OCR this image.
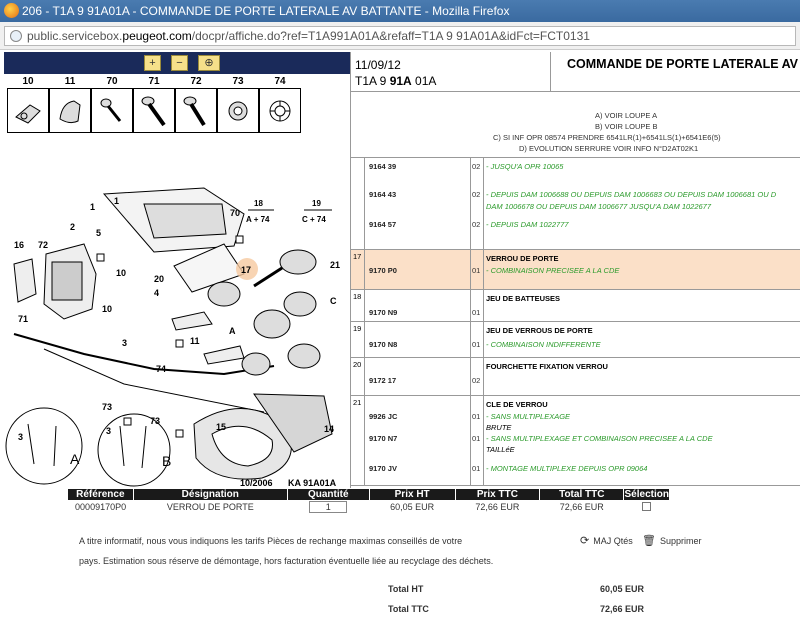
206 - T1A 9 91A01A - COMMANDE DE PORTE LATERALE AV BATTANTE - Mozilla Firefox
public.servicebox.peugeot.com/docpr/affiche.do?ref=T1A991A01A&refaff=T1A 9 91A01A&idFct=FCT0131
+	−	⊕
10	11	70	71	72	73	74
1
1
2
3
3
4
5
10
10
11
14
15
16
17	21
20
70
71
72
73
73
74
A
C
3
18
A + 74
19
C + 74
A	B
10/2006 KA 91A01A
11/09/12
T1A 9 91A 01A
COMMANDE DE PORTE LATERALE AV
A) VOIR LOUPE A
B) VOIR LOUPE B
C) SI INF OPR 08574 PRENDRE 6541LR(1)+6541LS(1)+6541E6(5)
D) EVOLUTION SERRURE VOIR INFO N°D2AT02K1
9164 39	02 - JUSQU'A OPR 10065
9164 43	02 - DEPUIS DAM 1006688 OU DEPUIS DAM 1006683 OU DEPUIS DAM 1006681 OU D
DAM 1006678 OU DEPUIS DAM 1006677 JUSQU'A DAM 1022677
9164 57	02 - DEPUIS DAM 1022777
17	VERROU DE PORTE
9170 P0	01 - COMBINAISON PRECISEE A LA CDE
18	JEU DE BATTEUSES
9170 N9	01
19	JEU DE VERROUS DE PORTE
9170 N8	01 - COMBINAISON INDIFFERENTE
20	FOURCHETTE FIXATION VERROU
9172 17	02
21	CLE DE VERROU
9926 JC	01 - SANS MULTIPLEXAGE
BRUTE
9170 N7	01 - SANS MULTIPLEXAGE ET COMBINAISON PRECISEE A LA CDE
TAILLéE
9170 JV	01 - MONTAGE MULTIPLEXE DEPUIS OPR 09064
Référence	Désignation	Quantité	Prix HT	Prix TTC	Total TTC	Sélection
00009170P0	VERROU DE PORTE	1	60,05 EUR	72,66 EUR	72,66 EUR	
A titre informatif, nous vous indiquons les tarifs Pièces de rechange maximas conseillés de votre
pays. Estimation sous réserve de démontage, hors facturation éventuelle liée au recyclage des déchets.
⟳ MAJ Qtés 🗑 Supprimer
Total HT	60,05 EUR
Total TTC	72,66 EUR
